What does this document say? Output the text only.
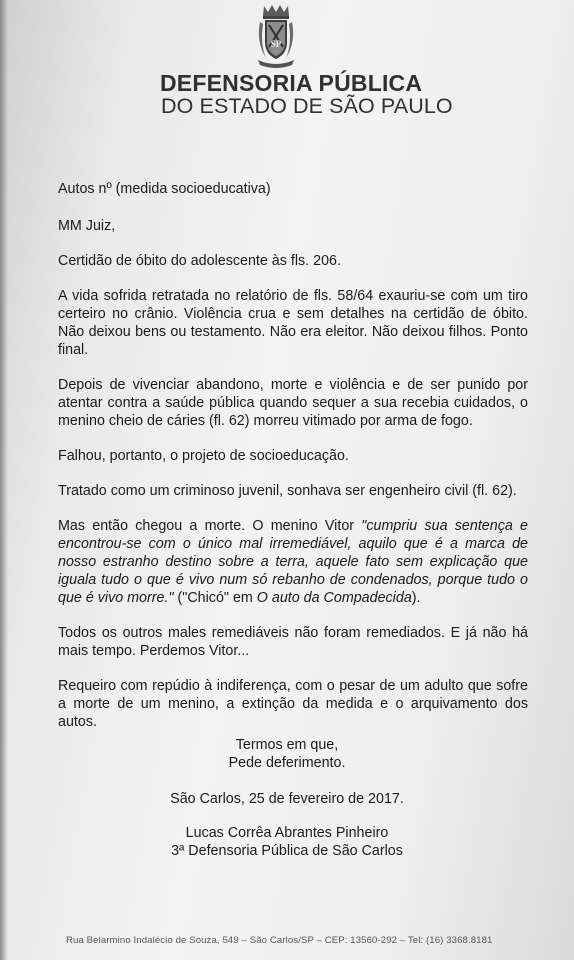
SP
DEFENSORIA PÚBLICA
DO ESTADO DE SÃO PAULO

Autos nº (medida socioeducativa)

MM Juiz,

Certidão de óbito do adolescente às fls. 206.

A vida sofrida retratada no relatório de fls. 58/64 exauriu-se com um tiro certeiro no crânio. Violência crua e sem detalhes na certidão de óbito. Não deixou bens ou testamento. Não era eleitor. Não deixou filhos. Ponto final.

Depois de vivenciar abandono, morte e violência e de ser punido por atentar contra a saúde pública quando sequer a sua recebia cuidados, o menino cheio de cáries (fl. 62) morreu vitimado por arma de fogo.

Falhou, portanto, o projeto de socioeducação.

Tratado como um criminoso juvenil, sonhava ser engenheiro civil (fl. 62).

Mas então chegou a morte. O menino Vitor "cumpriu sua sentença e encontrou-se com o único mal irremediável, aquilo que é a marca de nosso estranho destino sobre a terra, aquele fato sem explicação que iguala tudo o que é vivo num só rebanho de condenados, porque tudo o que é vivo morre." ("Chicó" em O auto da Compadecida).

Todos os outros males remediáveis não foram remediados. E já não há mais tempo. Perdemos Vitor...

Requeiro com repúdio à indiferença, com o pesar de um adulto que sofre a morte de um menino, a extinção da medida e o arquivamento dos autos.

Termos em que,
Pede deferimento.
São Carlos, 25 de fevereiro de 2017.
Lucas Corrêa Abrantes Pinheiro
3ª Defensoria Pública de São Carlos
Rua Belarmino Indalécio de Souza, 549 – São Carlos/SP – CEP: 13560-292 – Tel: (16) 3368.8181
